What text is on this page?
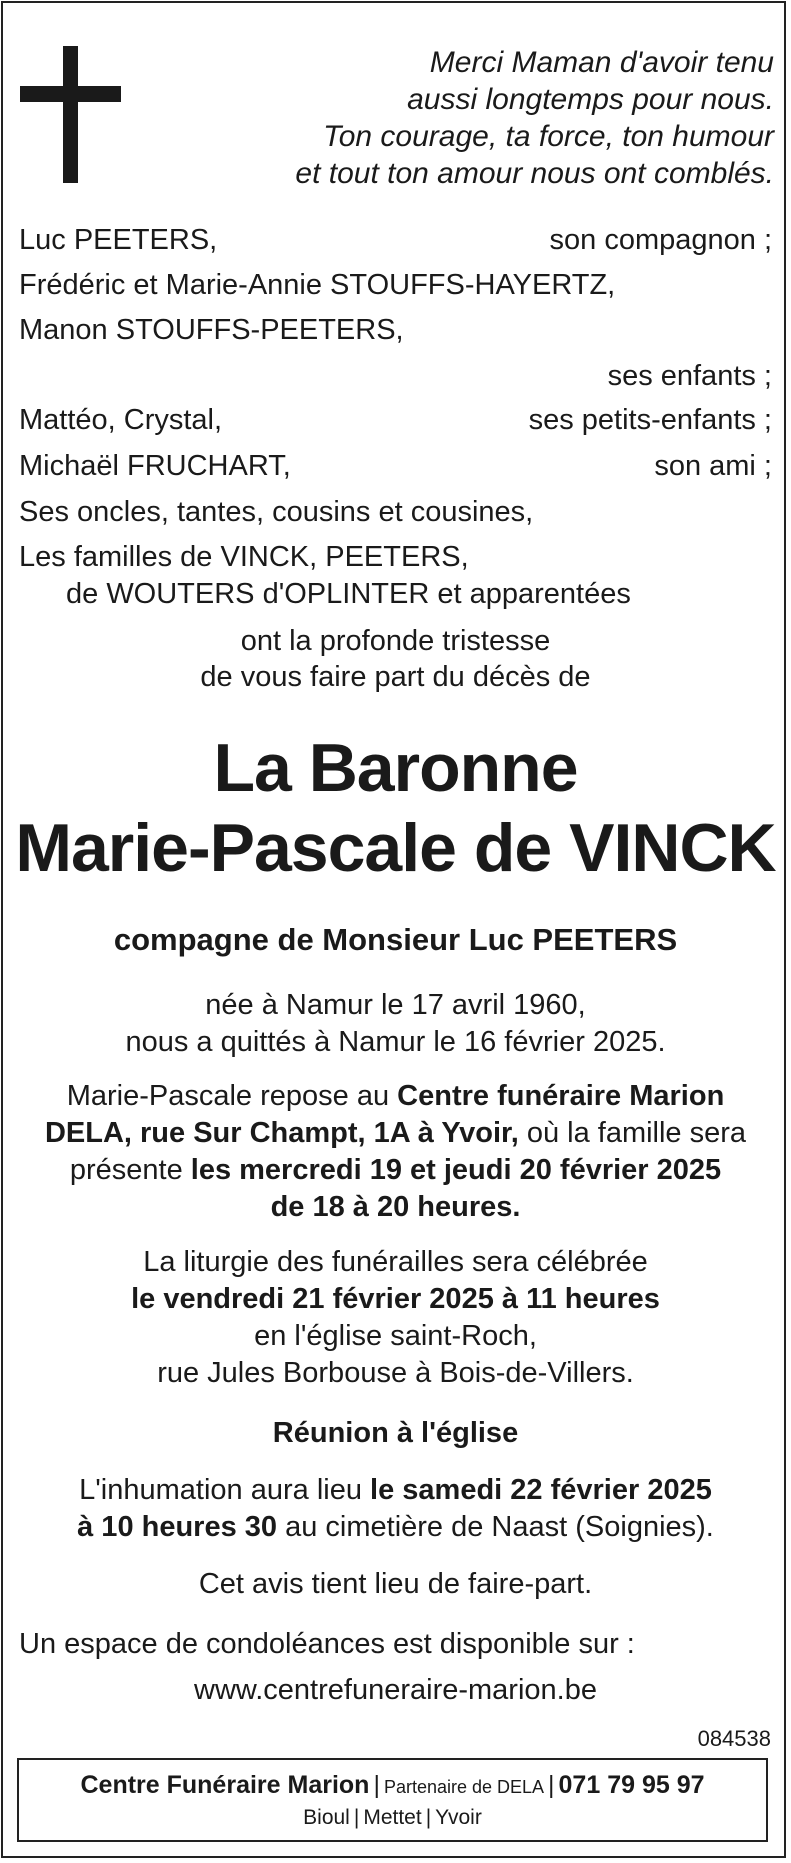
Merci Maman d'avoir tenu
aussi longtemps pour nous.
Ton courage, ta force, ton humour
et tout ton amour nous ont comblés.
Luc PEETERS,	son compagnon ;
Frédéric et Marie-Annie STOUFFS-HAYERTZ,
Manon STOUFFS-PEETERS,
ses enfants ;
Mattéo, Crystal,	ses petits-enfants ;
Michaël FRUCHART,	son ami ;
Ses oncles, tantes, cousins et cousines,
Les familles de VINCK, PEETERS,
de WOUTERS d'OPLINTER et apparentées
ont la profonde tristesse
de vous faire part du décès de
La Baronne
Marie-Pascale de VINCK
compagne de Monsieur Luc PEETERS
née à Namur le 17 avril 1960,
nous a quittés à Namur le 16 février 2025.
Marie-Pascale repose au Centre funéraire Marion
DELA, rue Sur Champt, 1A à Yvoir, où la famille sera
présente les mercredi 19 et jeudi 20 février 2025
de 18 à 20 heures.
La liturgie des funérailles sera célébrée
le vendredi 21 février 2025 à 11 heures
en l'église saint-Roch,
rue Jules Borbouse à Bois-de-Villers.
Réunion à l'église
L'inhumation aura lieu le samedi 22 février 2025
à 10 heures 30 au cimetière de Naast (Soignies).
Cet avis tient lieu de faire-part.
Un espace de condoléances est disponible sur :
www.centrefuneraire-marion.be
084538
Centre Funéraire Marion | Partenaire de DELA | 071 79 95 97
Bioul | Mettet | Yvoir
